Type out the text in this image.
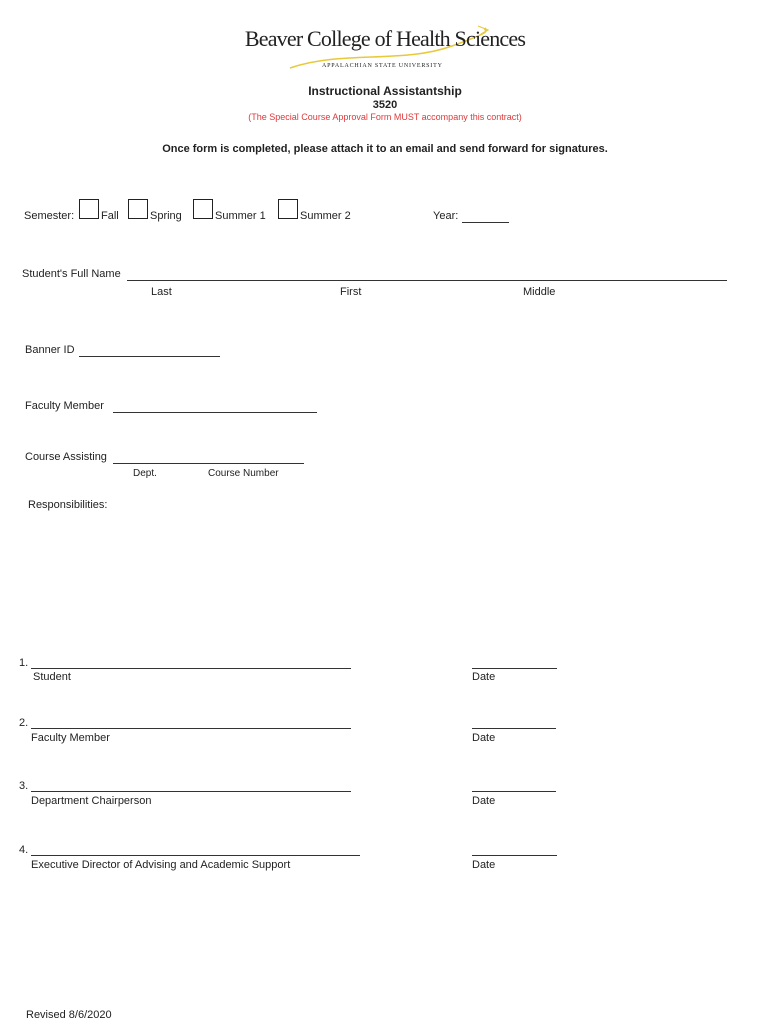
Beaver College of Health Sciences
APPALACHIAN STATE UNIVERSITY
Instructional Assistantship
3520
(The Special Course Approval Form MUST accompany this contract)
Once form is completed, please attach it to an email and send forward for signatures.
Semester: Fall	Spring	Summer 1	Summer 2	Year:
Student's Full Name
Last	First	Middle
Banner ID
Faculty Member
Course Assisting
Dept.	Course Number
Responsibilities:
1.
Student	Date
2.
Faculty Member	Date
3.
Department Chairperson	Date
4.
Executive Director of Advising and Academic Support	Date
Revised 8/6/2020
